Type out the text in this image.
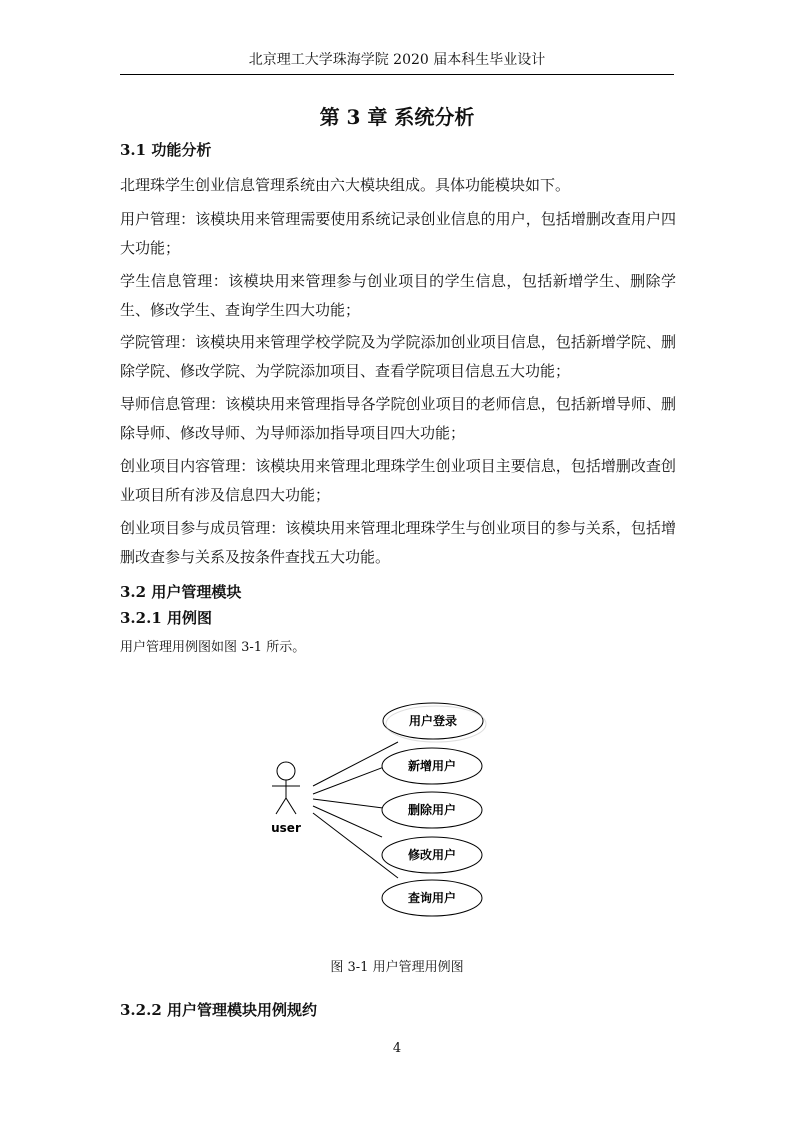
北京理工大学珠海学院 2020 届本科生毕业设计
第 3 章 系统分析
3.1 功能分析
北理珠学生创业信息管理系统由六大模块组成。具体功能模块如下。
用户管理：该模块用来管理需要使用系统记录创业信息的用户，包括增删改查用户四大功能；
学生信息管理：该模块用来管理参与创业项目的学生信息，包括新增学生、删除学生、修改学生、查询学生四大功能；
学院管理：该模块用来管理学校学院及为学院添加创业项目信息，包括新增学院、删除学院、修改学院、为学院添加项目、查看学院项目信息五大功能；
导师信息管理：该模块用来管理指导各学院创业项目的老师信息，包括新增导师、删除导师、修改导师、为导师添加指导项目四大功能；
创业项目内容管理：该模块用来管理北理珠学生创业项目主要信息，包括增删改查创业项目所有涉及信息四大功能；
创业项目参与成员管理：该模块用来管理北理珠学生与创业项目的参与关系，包括增删改查参与关系及按条件查找五大功能。
3.2 用户管理模块
3.2.1 用例图
用户管理用例图如图 3-1 所示。
user
用户登录
新增用户
删除用户
修改用户
查询用户
图 3-1 用户管理用例图
3.2.2 用户管理模块用例规约
4
